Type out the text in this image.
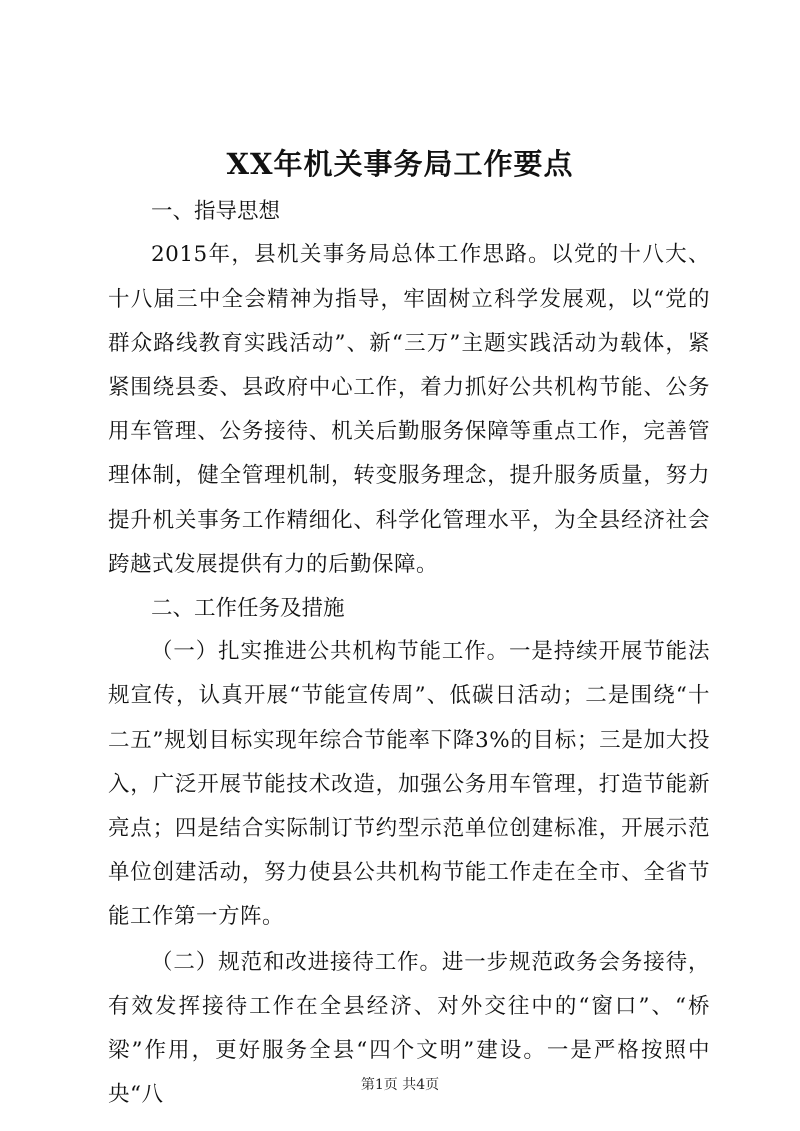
XX年机关事务局工作要点

一、指导思想

2015年，县机关事务局总体工作思路。以党的十八大、十八届三中全会精神为指导，牢固树立科学发展观，以“党的群众路线教育实践活动”、新“三万”主题实践活动为载体，紧紧围绕县委、县政府中心工作，着力抓好公共机构节能、公务用车管理、公务接待、机关后勤服务保障等重点工作，完善管理体制，健全管理机制，转变服务理念，提升服务质量，努力提升机关事务工作精细化、科学化管理水平，为全县经济社会跨越式发展提供有力的后勤保障。

二、工作任务及措施

（一）扎实推进公共机构节能工作。一是持续开展节能法规宣传，认真开展“节能宣传周”、低碳日活动；二是围绕“十二五”规划目标实现年综合节能率下降3%的目标；三是加大投入，广泛开展节能技术改造，加强公务用车管理，打造节能新亮点；四是结合实际制订节约型示范单位创建标准，开展示范单位创建活动，努力使县公共机构节能工作走在全市、全省节能工作第一方阵。

（二）规范和改进接待工作。进一步规范政务会务接待，有效发挥接待工作在全县经济、对外交往中的“窗口”、“桥梁”作用，更好服务全县“四个文明”建设。一是严格按照中央“八	第1页 共4页
